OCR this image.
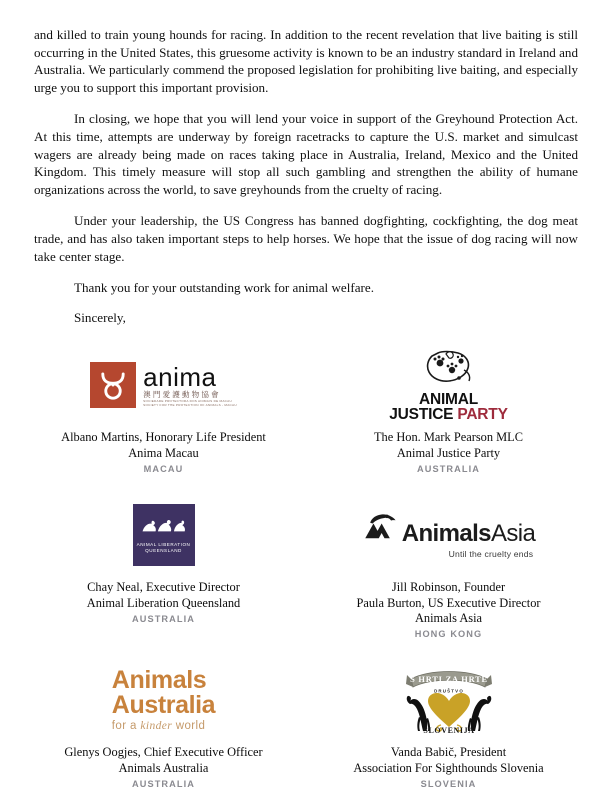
and killed to train young hounds for racing. In addition to the recent revelation that live baiting is still occurring in the United States, this gruesome activity is known to be an industry standard in Ireland and Australia. We particularly commend the proposed legislation for prohibiting live baiting, and especially urge you to support this important provision.

In closing, we hope that you will lend your voice in support of the Greyhound Protection Act. At this time, attempts are underway by foreign racetracks to capture the U.S. market and simulcast wagers are already being made on races taking place in Australia, Ireland, Mexico and the United Kingdom. This timely measure will stop all such gambling and strengthen the ability of humane organizations across the world, to save greyhounds from the cruelty of racing.

Under your leadership, the US Congress has banned dogfighting, cockfighting, the dog meat trade, and has also taken important steps to help horses. We hope that the issue of dog racing will now take center stage.

Thank you for your outstanding work for animal welfare.

Sincerely,

anima
澳門愛護動物協會
SOCIEDADE PROTECTORA DOS ANIMAIS DE MACAU
SOCIETY FOR THE PROTECTION OF ANIMALS - MACAU
Albano Martins, Honorary Life President
Anima Macau
MACAU
ANIMAL
JUSTICE PARTY
The Hon. Mark Pearson MLC
Animal Justice Party
AUSTRALIA
ANIMAL LIBERATION
QUEENSLAND
Chay Neal, Executive Director
Animal Liberation Queensland
AUSTRALIA
Animals Asia
Until the cruelty ends
Jill Robinson, Founder
Paula Burton, US Executive Director
Animals Asia
HONG KONG
Animals
Australia
for a kinder world
Glenys Oogjes, Chief Executive Officer
Animals Australia
AUSTRALIA
S HRTI ZA HRTE
DRUŠTVO
SLOVENIJA
Vanda Babič, President
Association For Sighthounds Slovenia
SLOVENIA
